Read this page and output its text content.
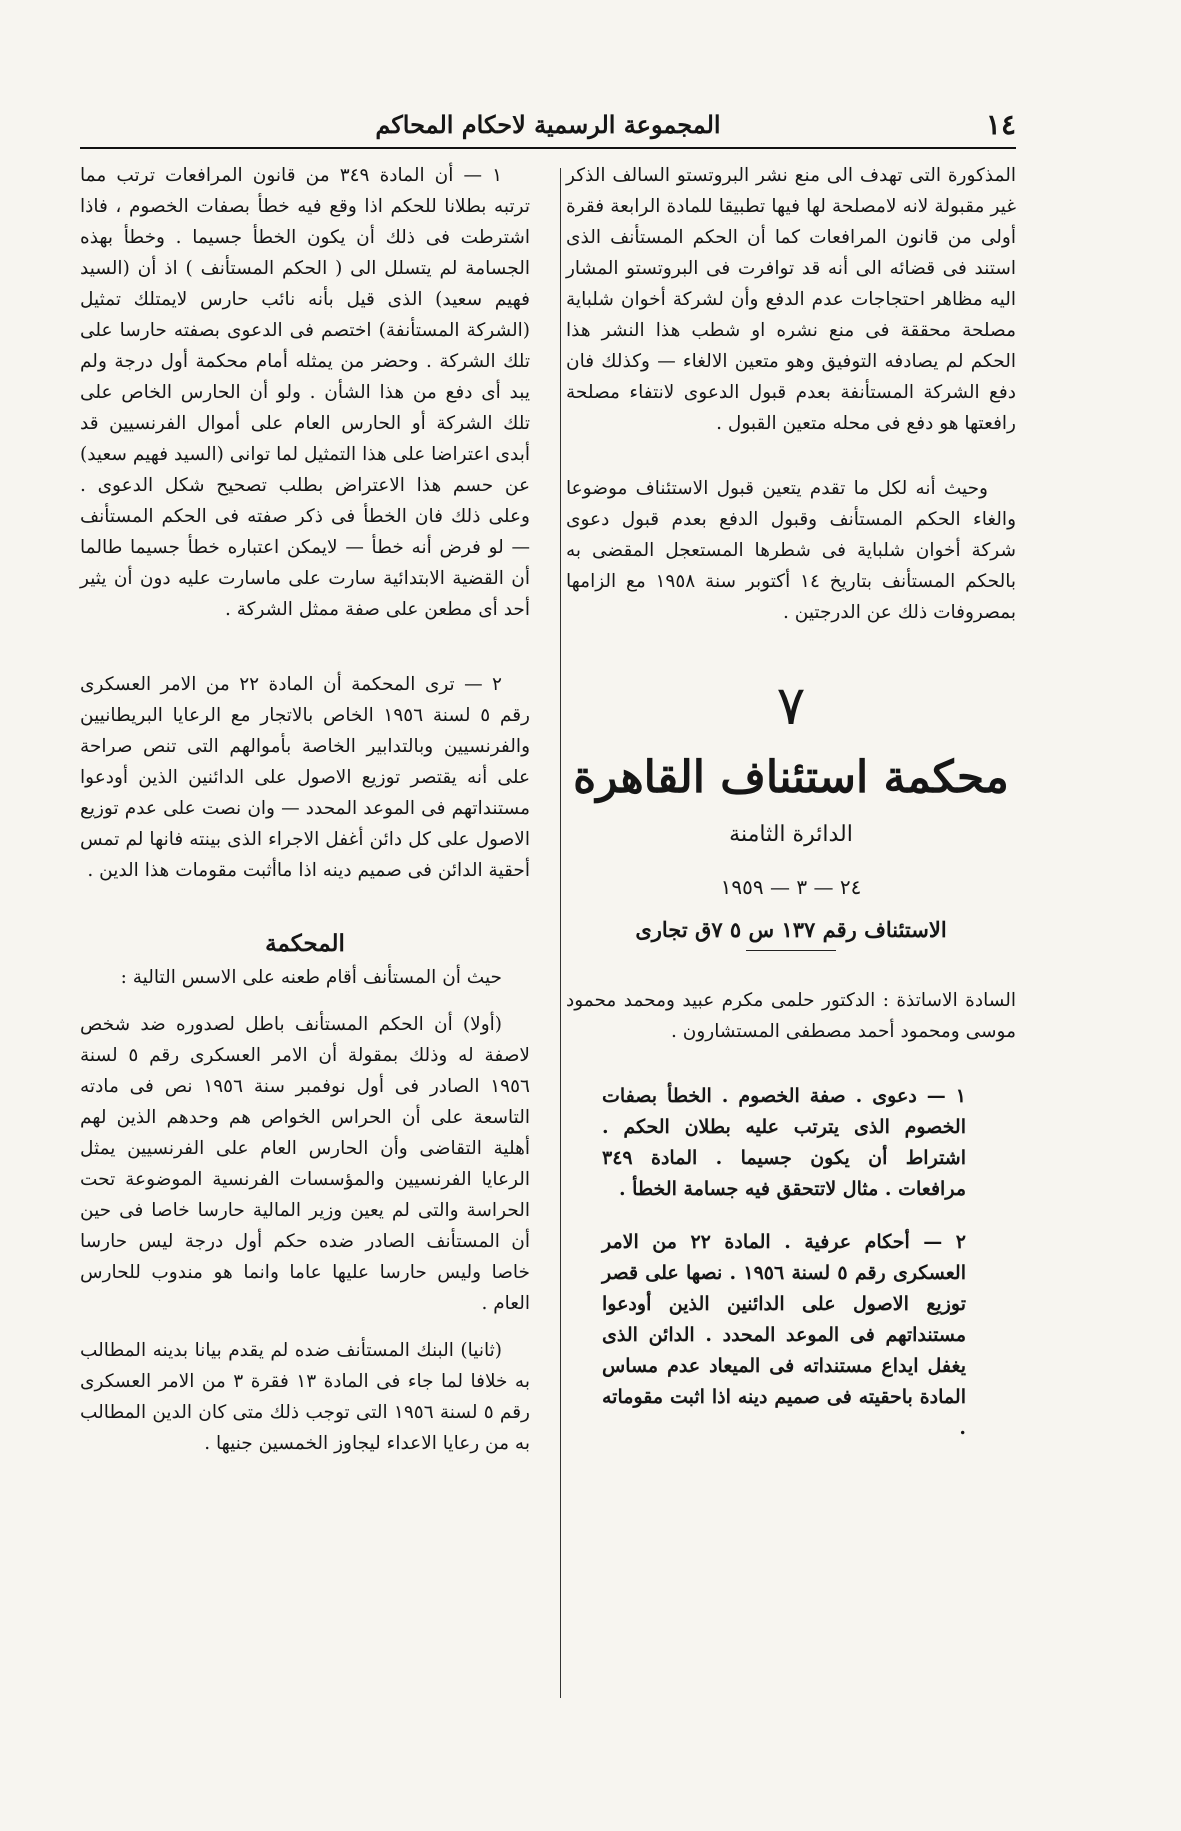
١٤
المجموعة الرسمية لاحكام المحاكم

المذكورة التى تهدف الى منع نشر البروتستو السالف الذكر غير مقبولة لانه لامصلحة لها فيها تطبيقا للمادة الرابعة فقرة أولى من قانون المرافعات كما أن الحكم المستأنف الذى استند فى قضائه الى أنه قد توافرت فى البروتستو المشار اليه مظاهر احتجاجات عدم الدفع وأن لشركة أخوان شلباية مصلحة محققة فى منع نشره او شطب هذا النشر هذا الحكم لم يصادفه التوفيق وهو متعين الالغاء — وكذلك فان دفع الشركة المستأنفة بعدم قبول الدعوى لانتفاء مصلحة رافعتها هو دفع فى محله متعين القبول .

وحيث أنه لكل ما تقدم يتعين قبول الاستئناف موضوعا والغاء الحكم المستأنف وقبول الدفع بعدم قبول دعوى شركة أخوان شلباية فى شطرها المستعجل المقضى به بالحكم المستأنف بتاريخ ١٤ أكتوبر سنة ١٩٥٨ مع الزامها بمصروفات ذلك عن الدرجتين .

٧
محكمة استئناف القاهرة
الدائرة الثامنة
٢٤ — ٣ — ١٩٥٩
الاستئناف رقم ١٣٧ س ٥ ٧ق تجارى

السادة الاساتذة : الدكتور حلمى مكرم عبيد ومحمد محمود موسى ومحمود أحمد مصطفى المستشارون .

١ — دعوى . صفة الخصوم . الخطأ بصفات الخصوم الذى يترتب عليه بطلان الحكم . اشتراط أن يكون جسيما . المادة ٣٤٩ مرافعات . مثال لاتتحقق فيه جسامة الخطأ .

٢ — أحكام عرفية . المادة ٢٢ من الامر العسكرى رقم ٥ لسنة ١٩٥٦ . نصها على قصر توزيع الاصول على الدائنين الذين أودعوا مستنداتهم فى الموعد المحدد . الدائن الذى يغفل ايداع مستنداته فى الميعاد عدم مساس المادة باحقيته فى صميم دينه اذا اثبت مقوماته .

١ — أن المادة ٣٤٩ من قانون المرافعات ترتب مما ترتبه بطلانا للحكم اذا وقع فيه خطأ بصفات الخصوم ، فاذا اشترطت فى ذلك أن يكون الخطأ جسيما . وخطأ بهذه الجسامة لم يتسلل الى ( الحكم المستأنف ) اذ أن (السيد فهيم سعيد) الذى قيل بأنه نائب حارس لايمتلك تمثيل (الشركة المستأنفة) اختصم فى الدعوى بصفته حارسا على تلك الشركة . وحضر من يمثله أمام محكمة أول درجة ولم يبد أى دفع من هذا الشأن . ولو أن الحارس الخاص على تلك الشركة أو الحارس العام على أموال الفرنسيين قد أبدى اعتراضا على هذا التمثيل لما توانى (السيد فهيم سعيد) عن حسم هذا الاعتراض بطلب تصحيح شكل الدعوى . وعلى ذلك فان الخطأ فى ذكر صفته فى الحكم المستأنف — لو فرض أنه خطأ — لايمكن اعتباره خطأ جسيما طالما أن القضية الابتدائية سارت على ماسارت عليه دون أن يثير أحد أى مطعن على صفة ممثل الشركة .

٢ — ترى المحكمة أن المادة ٢٢ من الامر العسكرى رقم ٥ لسنة ١٩٥٦ الخاص بالاتجار مع الرعايا البريطانيين والفرنسيين وبالتدابير الخاصة بأموالهم التى تنص صراحة على أنه يقتصر توزيع الاصول على الدائنين الذين أودعوا مستنداتهم فى الموعد المحدد — وان نصت على عدم توزيع الاصول على كل دائن أغفل الاجراء الذى بينته فانها لم تمس أحقية الدائن فى صميم دينه اذا ماأثبت مقومات هذا الدين .

المحكمة

حيث أن المستأنف أقام طعنه على الاسس التالية :

(أولا) أن الحكم المستأنف باطل لصدوره ضد شخص لاصفة له وذلك بمقولة أن الامر العسكرى رقم ٥ لسنة ١٩٥٦ الصادر فى أول نوفمبر سنة ١٩٥٦ نص فى مادته التاسعة على أن الحراس الخواص هم وحدهم الذين لهم أهلية التقاضى وأن الحارس العام على الفرنسيين يمثل الرعايا الفرنسيين والمؤسسات الفرنسية الموضوعة تحت الحراسة والتى لم يعين وزير المالية حارسا خاصا فى حين أن المستأنف الصادر ضده حكم أول درجة ليس حارسا خاصا وليس حارسا عليها عاما وانما هو مندوب للحارس العام .

(ثانيا) البنك المستأنف ضده لم يقدم بيانا بدينه المطالب به خلافا لما جاء فى المادة ١٣ فقرة ٣ من الامر العسكرى رقم ٥ لسنة ١٩٥٦ التى توجب ذلك متى كان الدين المطالب به من رعايا الاعداء ليجاوز الخمسين جنيها .
